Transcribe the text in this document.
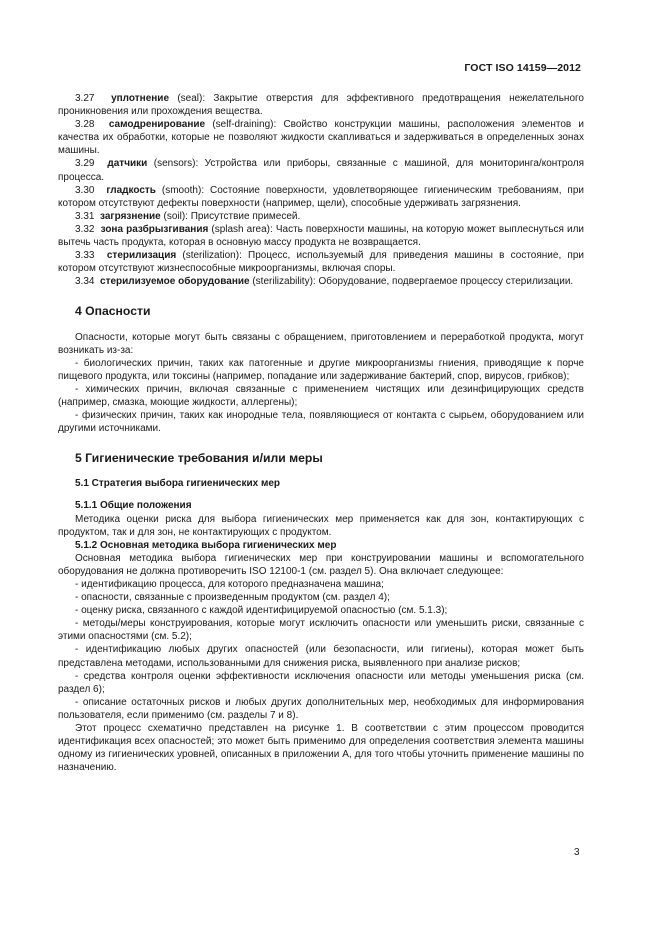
ГОСТ ISO 14159—2012

3.27 уплотнение (seal): Закрытие отверстия для эффективного предотвращения нежелательного проникновения или прохождения вещества.

3.28 самодренирование (self-draining): Свойство конструкции машины, расположения элементов и качества их обработки, которые не позволяют жидкости скапливаться и задерживаться в определенных зонах машины.

3.29 датчики (sensors): Устройства или приборы, связанные с машиной, для мониторинга/контроля процесса.

3.30 гладкость (smooth): Состояние поверхности, удовлетворяющее гигиеническим требованиям, при котором отсутствуют дефекты поверхности (например, щели), способные удерживать загрязнения.

3.31 загрязнение (soil): Присутствие примесей.

3.32 зона разбрызгивания (splash area): Часть поверхности машины, на которую может выплеснуться или вытечь часть продукта, которая в основную массу продукта не возвращается.

3.33 стерилизация (sterilization): Процесс, используемый для приведения машины в состояние, при котором отсутствуют жизнеспособные микроорганизмы, включая споры.

3.34 стерилизуемое оборудование (sterilizability): Оборудование, подвергаемое процессу стерилизации.

4 Опасности

Опасности, которые могут быть связаны с обращением, приготовлением и переработкой продукта, могут возникать из-за:

- биологических причин, таких как патогенные и другие микроорганизмы гниения, приводящие к порче пищевого продукта, или токсины (например, попадание или задерживание бактерий, спор, вирусов, грибков);

- химических причин, включая связанные с применением чистящих или дезинфицирующих средств (например, смазка, моющие жидкости, аллергены);

- физических причин, таких как инородные тела, появляющиеся от контакта с сырьем, оборудованием или другими источниками.

5 Гигиенические требования и/или меры
5.1 Стратегия выбора гигиенических мер
5.1.1 Общие положения

Методика оценки риска для выбора гигиенических мер применяется как для зон, контактирующих с продуктом, так и для зон, не контактирующих с продуктом.

5.1.2 Основная методика выбора гигиенических мер

Основная методика выбора гигиенических мер при конструировании машины и вспомогательного оборудования не должна противоречить ISO 12100-1 (см. раздел 5). Она включает следующее:

- идентификацию процесса, для которого предназначена машина;

- опасности, связанные с произведенным продуктом (см. раздел 4);

- оценку риска, связанного с каждой идентифицируемой опасностью (см. 5.1.3);

- методы/меры конструирования, которые могут исключить опасности или уменьшить риски, связанные с этими опасностями (см. 5.2);

- идентификацию любых других опасностей (или безопасности, или гигиены), которая может быть представлена методами, использованными для снижения риска, выявленного при анализе рисков;

- средства контроля оценки эффективности исключения опасности или методы уменьшения риска (см. раздел 6);

- описание остаточных рисков и любых других дополнительных мер, необходимых для информирования пользователя, если применимо (см. разделы 7 и 8).

Этот процесс схематично представлен на рисунке 1. В соответствии с этим процессом проводится идентификация всех опасностей; это может быть применимо для определения соответствия элемента машины одному из гигиенических уровней, описанных в приложении А, для того чтобы уточнить применение машины по назначению.

3
